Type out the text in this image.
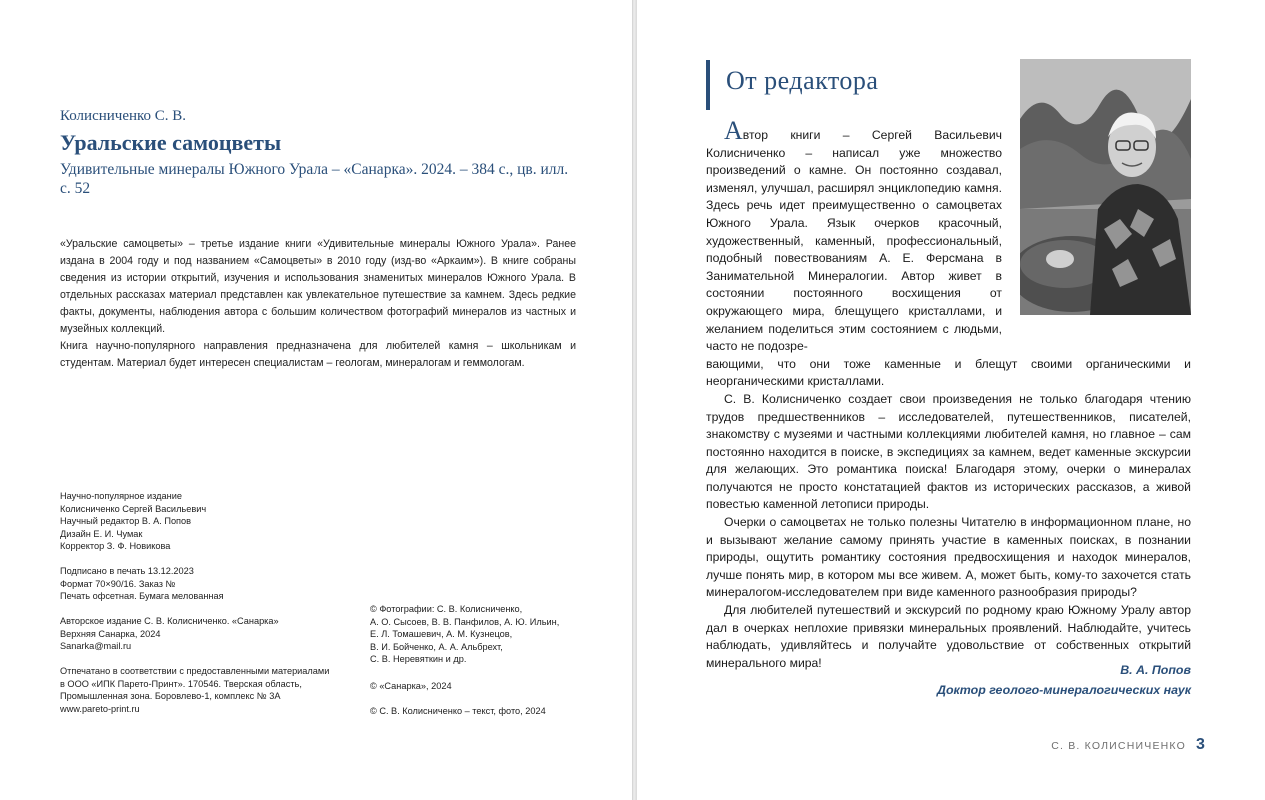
Колисниченко С. В.
Уральские самоцветы
Удивительные минералы Южного Урала – «Санарка». 2024. – 384 с., цв. илл. с. 52

«Уральские самоцветы» – третье издание книги «Удивительные минералы Южного Урала». Ранее издана в 2004 году и под названием «Самоцветы» в 2010 году (изд-во «Аркаим»). В книге собраны сведения из истории открытий, изучения и использования знаменитых минералов Южного Урала. В отдельных рассказах материал представлен как увлекательное путешествие за камнем. Здесь редкие факты, документы, наблюдения автора с большим количеством фотографий минералов из частных и музейных коллекций.

Книга научно-популярного направления предназначена для любителей камня – школьникам и студентам. Материал будет интересен специалистам – геологам, минералогам и геммологам.

Научно-популярное издание
Колисниченко Сергей Васильевич
Научный редактор В. А. Попов
Дизайн Е. И. Чумак
Корректор З. Ф. Новикова
Подписано в печать 13.12.2023
Формат 70×90/16. Заказ №
Печать офсетная. Бумага мелованная
Авторское издание С. В. Колисниченко. «Санарка»
Верхняя Санарка, 2024
Sanarka@mail.ru
Отпечатано в соответствии с предоставленными материалами
в ООО «ИПК Парето-Принт». 170546. Тверская область,
Промышленная зона. Боровлево-1, комплекс № 3А
www.pareto-print.ru
© Фотографии: С. В. Колисниченко,
А. О. Сысоев, В. В. Панфилов, А. Ю. Ильин,
Е. Л. Томашевич, А. М. Кузнецов,
В. И. Бойченко, А. А. Альбрехт,
С. В. Неревяткин и др.
© «Санарка», 2024
© С. В. Колисниченко – текст, фото, 2024
От редактора
Автор книги – Сергей Васильевич Колисниченко – написал уже множество произведений о камне. Он постоянно создавал, изменял, улучшал, расширял энциклопедию камня. Здесь речь идет преимущественно о самоцветах Южного Урала. Язык очерков красочный, художественный, каменный, профессиональный, подобный повествованиям А. Е. Ферсмана в Занимательной Минералогии. Автор живет в состоянии постоянного восхищения от окружающего мира, блещущего кристаллами, и желанием поделиться этим состоянием с людьми, часто не подозре-
вающими, что они тоже каменные и блещут своими органическими и неорганическими кристаллами.

С. В. Колисниченко создает свои произведения не только благодаря чтению трудов предшественников – исследователей, путешественников, писателей, знакомству с музеями и частными коллекциями любителей камня, но главное – сам постоянно находится в поиске, в экспедициях за камнем, ведет каменные экскурсии для желающих. Это романтика поиска! Благодаря этому, очерки о минералах получаются не просто констатацией фактов из исторических рассказов, а живой повестью каменной летописи природы.

Очерки о самоцветах не только полезны Читателю в информационном плане, но и вызывают желание самому принять участие в каменных поисках, в познании природы, ощутить романтику состояния предвосхищения и находок минералов, лучше понять мир, в котором мы все живем. А, может быть, кому-то захочется стать минералогом-исследователем при виде каменного разнообразия природы?

Для любителей путешествий и экскурсий по родному краю Южному Уралу автор дал в очерках неплохие привязки минеральных проявлений. Наблюдайте, учитесь наблюдать, удивляйтесь и получайте удовольствие от собственных открытий минерального мира!

В. А. Попов
Доктор геолого-минералогических наук
С. В. КОЛИСНИЧЕНКО 3
